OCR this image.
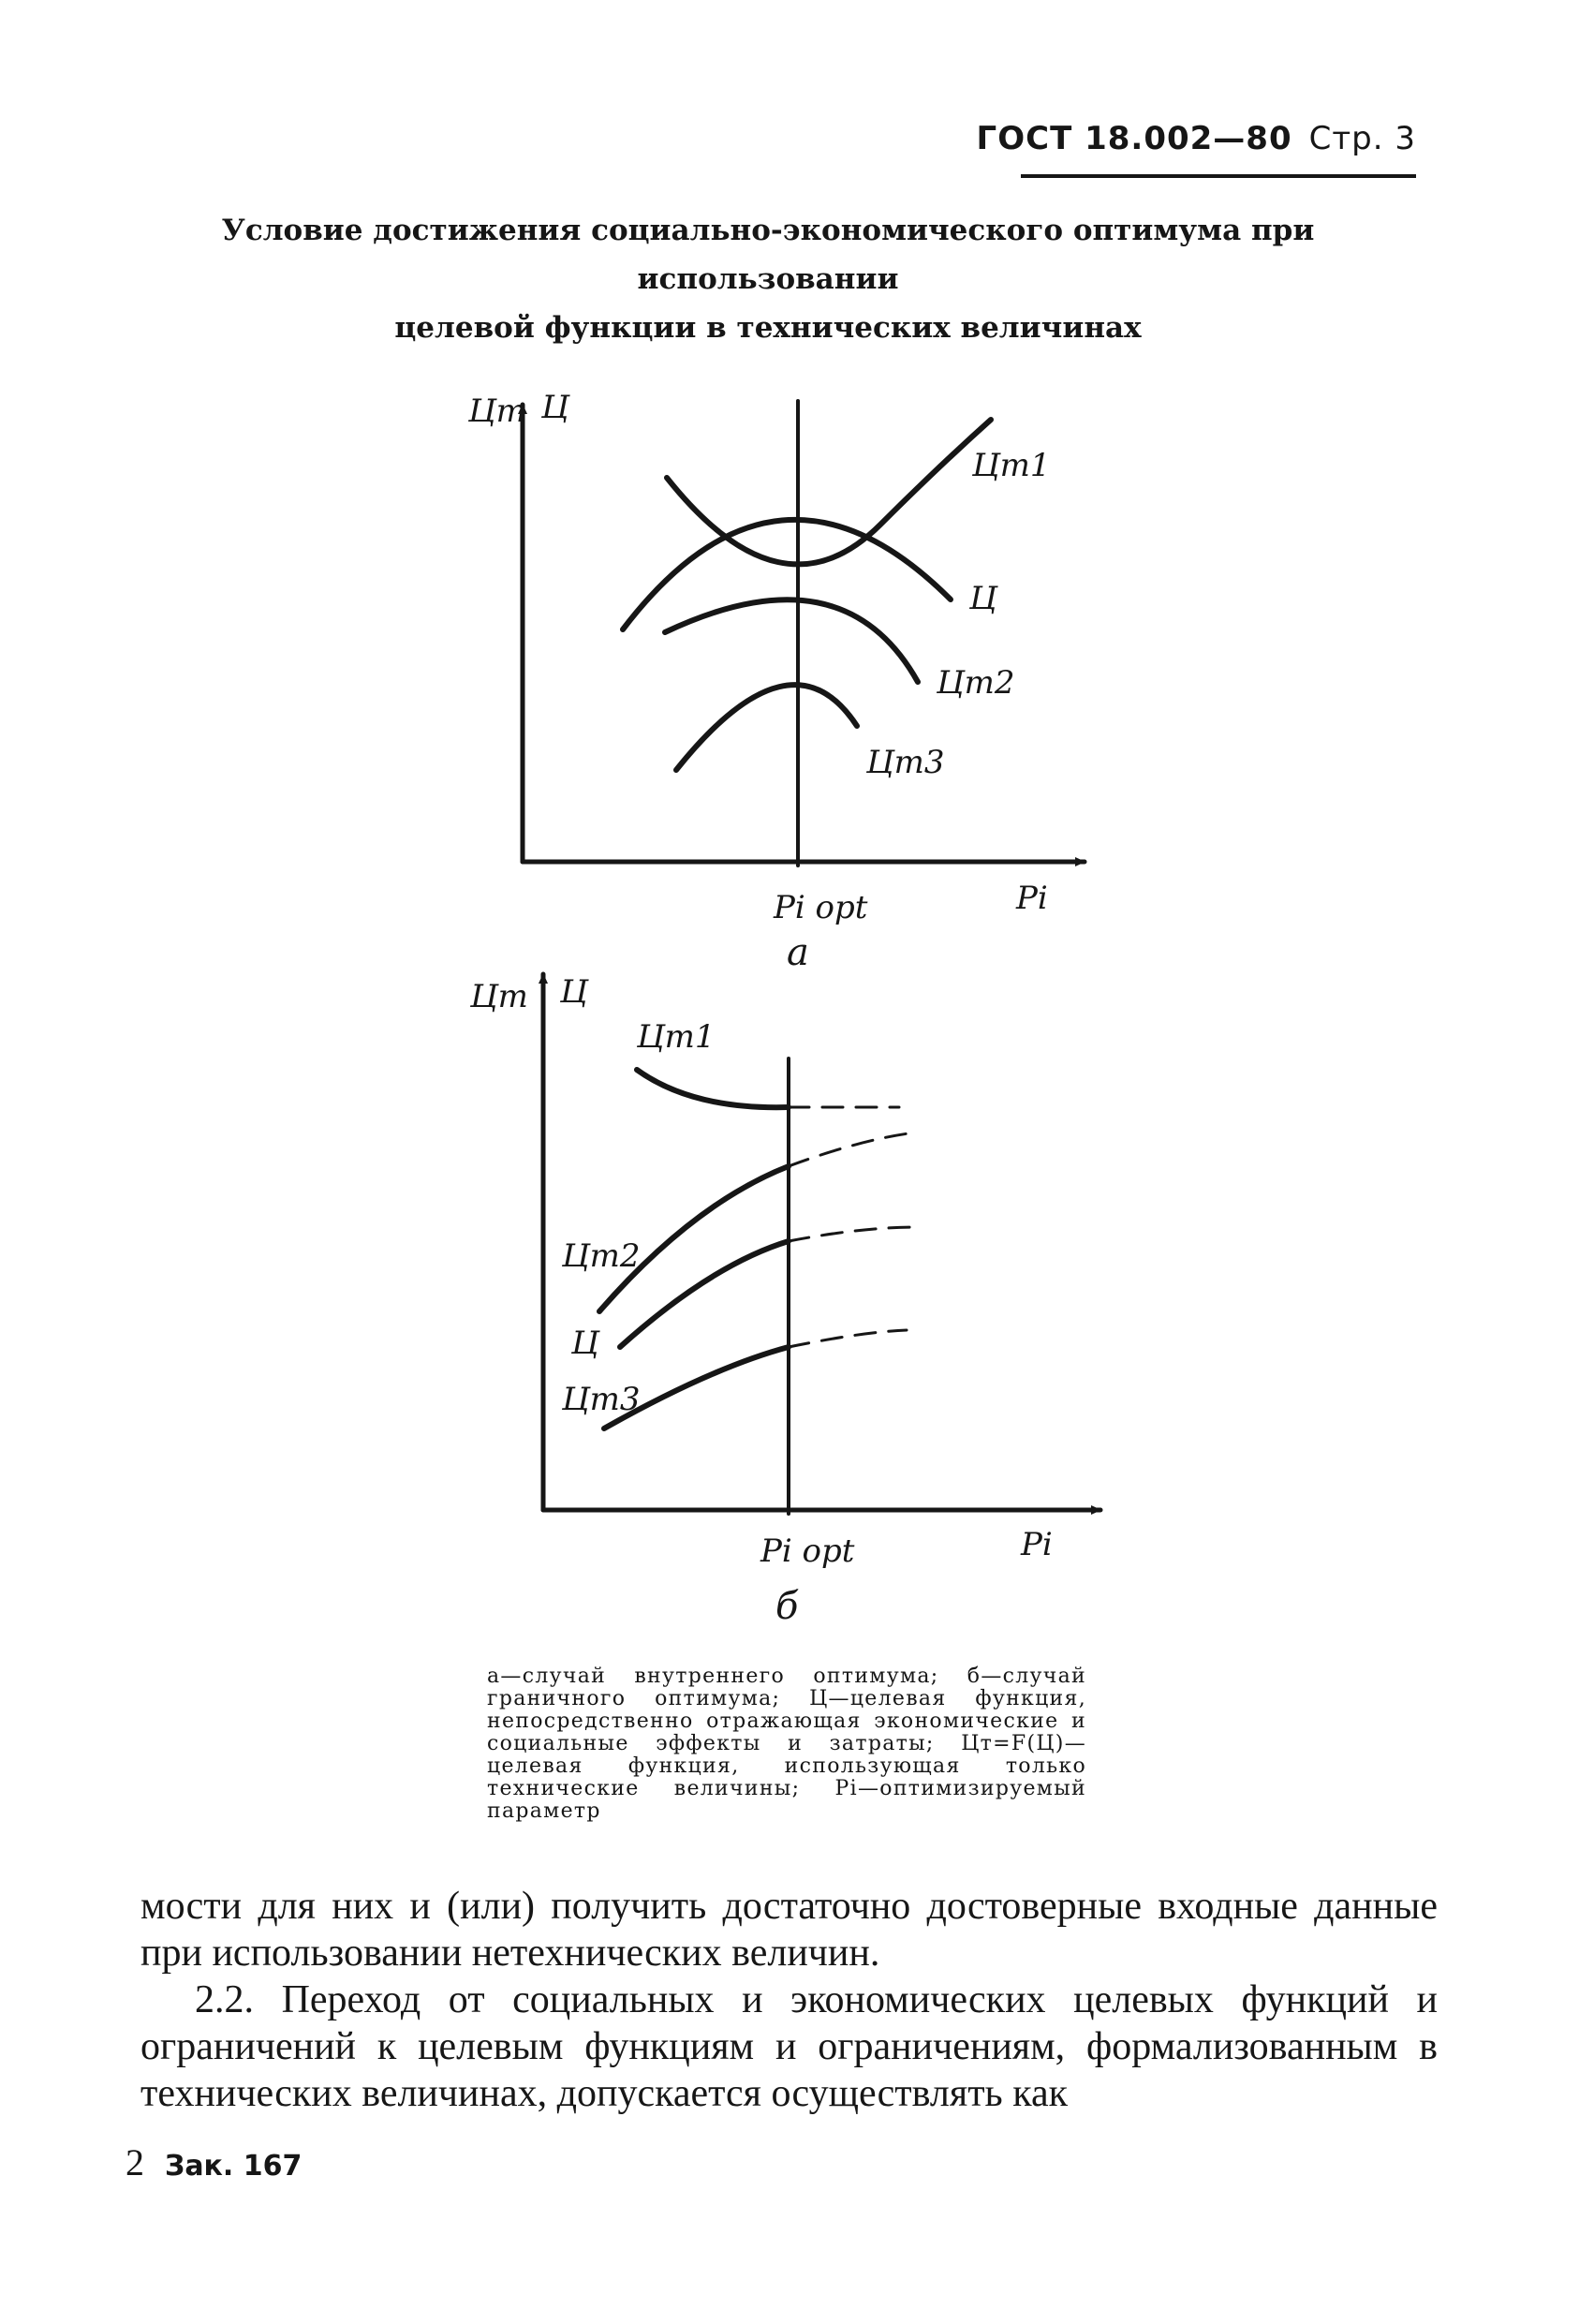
ГОСТ 18.002—80 Стр. 3
Условие достижения социально-экономического оптимума при использовании
целевой функции в технических величинах
Цт Ц
Цт1
Ц
Цт2
Цт3
Pi opt	Pi
а
Цт Ц
Цт1
Цт2
Ц
Цт3
Pi opt	Pi
б
а—случай внутреннего оптимума; б—случай граничного оптимума; Ц—целевая функция, непосредственно отражающая экономические и социальные эффекты и затраты; Цт=F(Ц)—целевая функция, использующая только технические величины; Pi—оптимизируемый параметр

мости для них и (или) получить достаточно достоверные входные данные при использовании нетехнических величин.

2.2. Переход от социальных и экономических целевых функций и ограничений к целевым функциям и ограничениям, формализованным в технических величинах, допускается осуществлять как

2 Зак. 167
